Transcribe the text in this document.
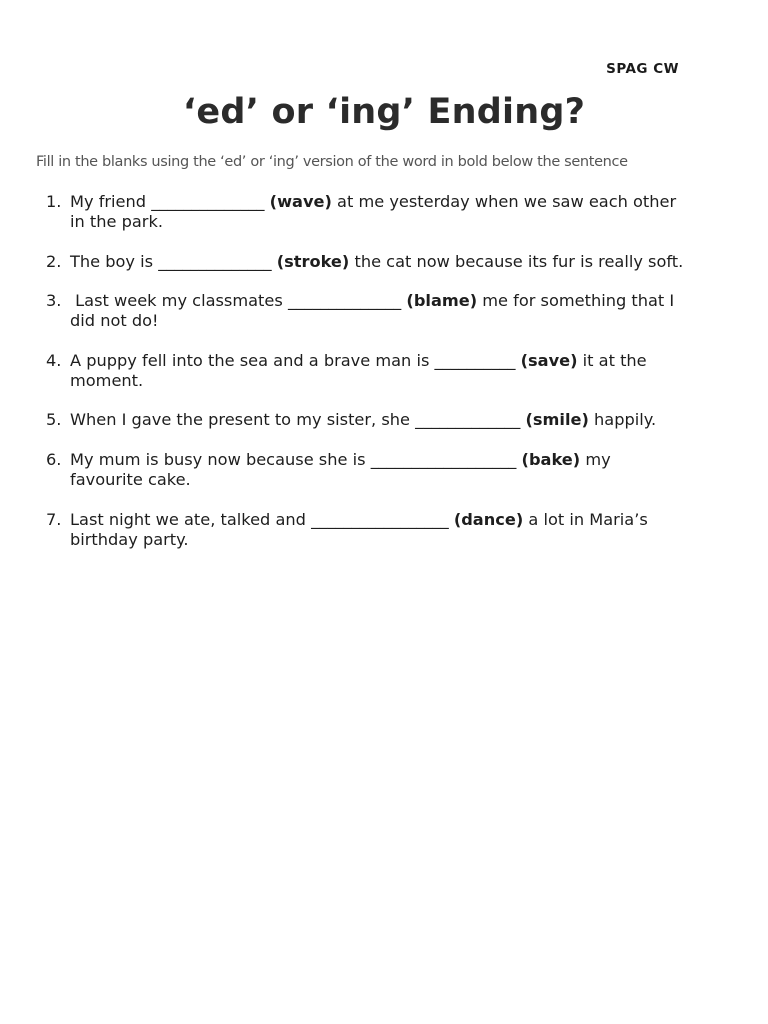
SPAG CW
‘ed’ or ‘ing’ Ending?
Fill in the blanks using the ‘ed’ or ‘ing’ version of the word in bold below the sentence
1. My friend ______________ (wave) at me yesterday when we saw each other in the park.
2. The boy is ______________ (stroke) the cat now because its fur is really soft.
3. Last week my classmates ______________ (blame) me for something that I did not do!
4. A puppy fell into the sea and a brave man is __________ (save) it at the moment.
5. When I gave the present to my sister, she _____________ (smile) happily.
6. My mum is busy now because she is __________________ (bake) my favourite cake.
7. Last night we ate, talked and _________________ (dance) a lot in Maria’s birthday party.
